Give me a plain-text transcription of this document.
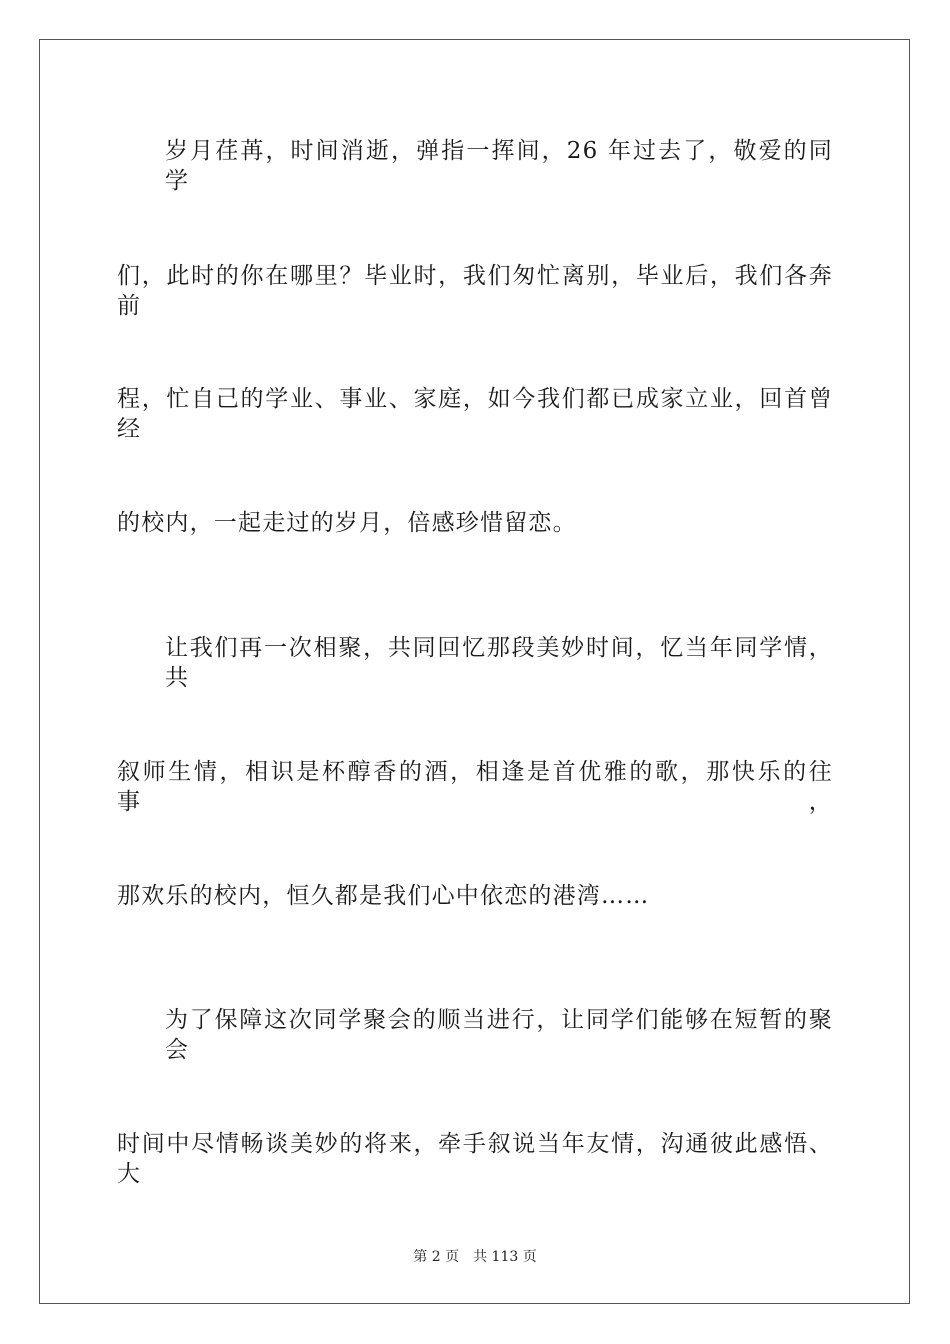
岁月荏苒，时间消逝，弹指一挥间，26 年过去了，敬爱的同学
们，此时的你在哪里？毕业时，我们匆忙离别，毕业后，我们各奔前
程，忙自己的学业、事业、家庭，如今我们都已成家立业，回首曾经
的校内，一起走过的岁月，倍感珍惜留恋。
让我们再一次相聚，共同回忆那段美妙时间，忆当年同学情，共
叙师生情，相识是杯醇香的酒，相逢是首优雅的歌，那快乐的往事，
那欢乐的校内，恒久都是我们心中依恋的港湾……
为了保障这次同学聚会的顺当进行，让同学们能够在短暂的聚会
时间中尽情畅谈美妙的将来，牵手叙说当年友情，沟通彼此感悟、大
第 2 页 共 113 页
